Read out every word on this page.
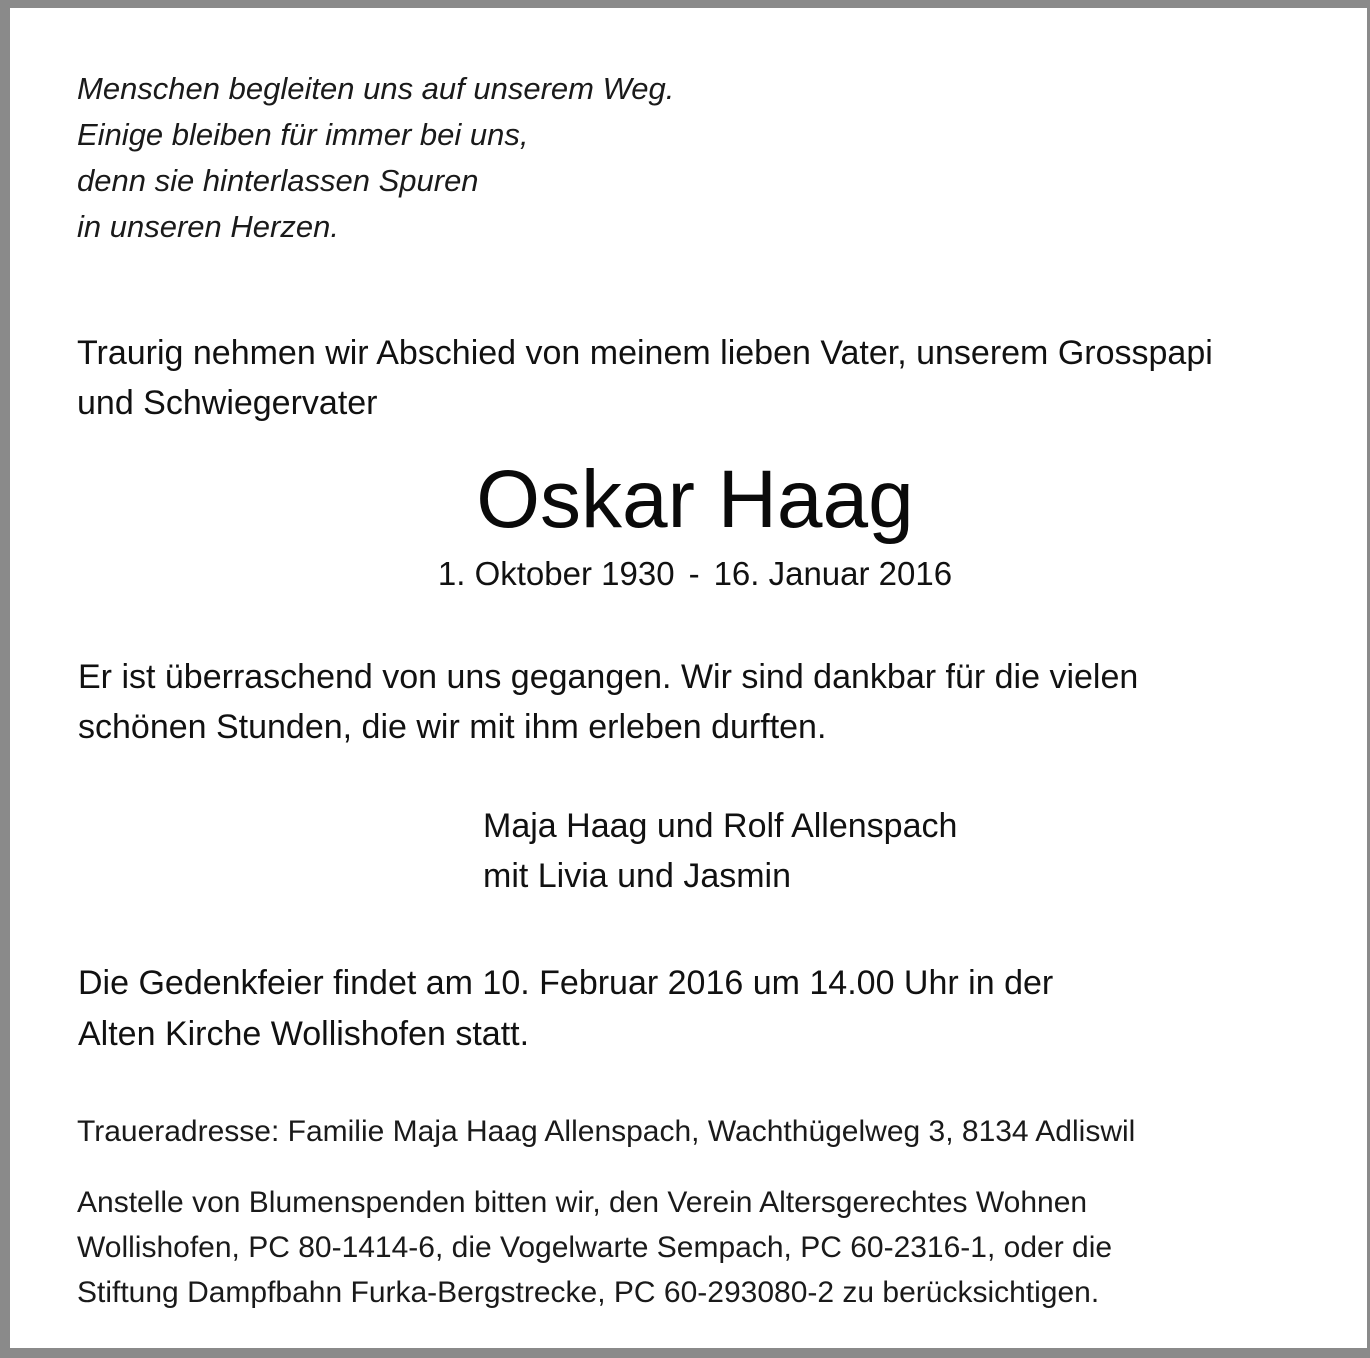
Menschen begleiten uns auf unserem Weg.
Einige bleiben für immer bei uns,
denn sie hinterlassen Spuren
in unseren Herzen.
Traurig nehmen wir Abschied von meinem lieben Vater, unserem Grosspapi
und Schwiegervater
Oskar Haag
1. Oktober 1930 - 16. Januar 2016
Er ist überraschend von uns gegangen. Wir sind dankbar für die vielen
schönen Stunden, die wir mit ihm erleben durften.
Maja Haag und Rolf Allenspach
mit Livia und Jasmin
Die Gedenkfeier findet am 10. Februar 2016 um 14.00 Uhr in der
Alten Kirche Wollishofen statt.
Traueradresse: Familie Maja Haag Allenspach, Wachthügelweg 3, 8134 Adliswil
Anstelle von Blumenspenden bitten wir, den Verein Altersgerechtes Wohnen
Wollishofen, PC 80-1414-6, die Vogelwarte Sempach, PC 60-2316-1, oder die
Stiftung Dampfbahn Furka-Bergstrecke, PC 60-293080-2 zu berücksichtigen.
